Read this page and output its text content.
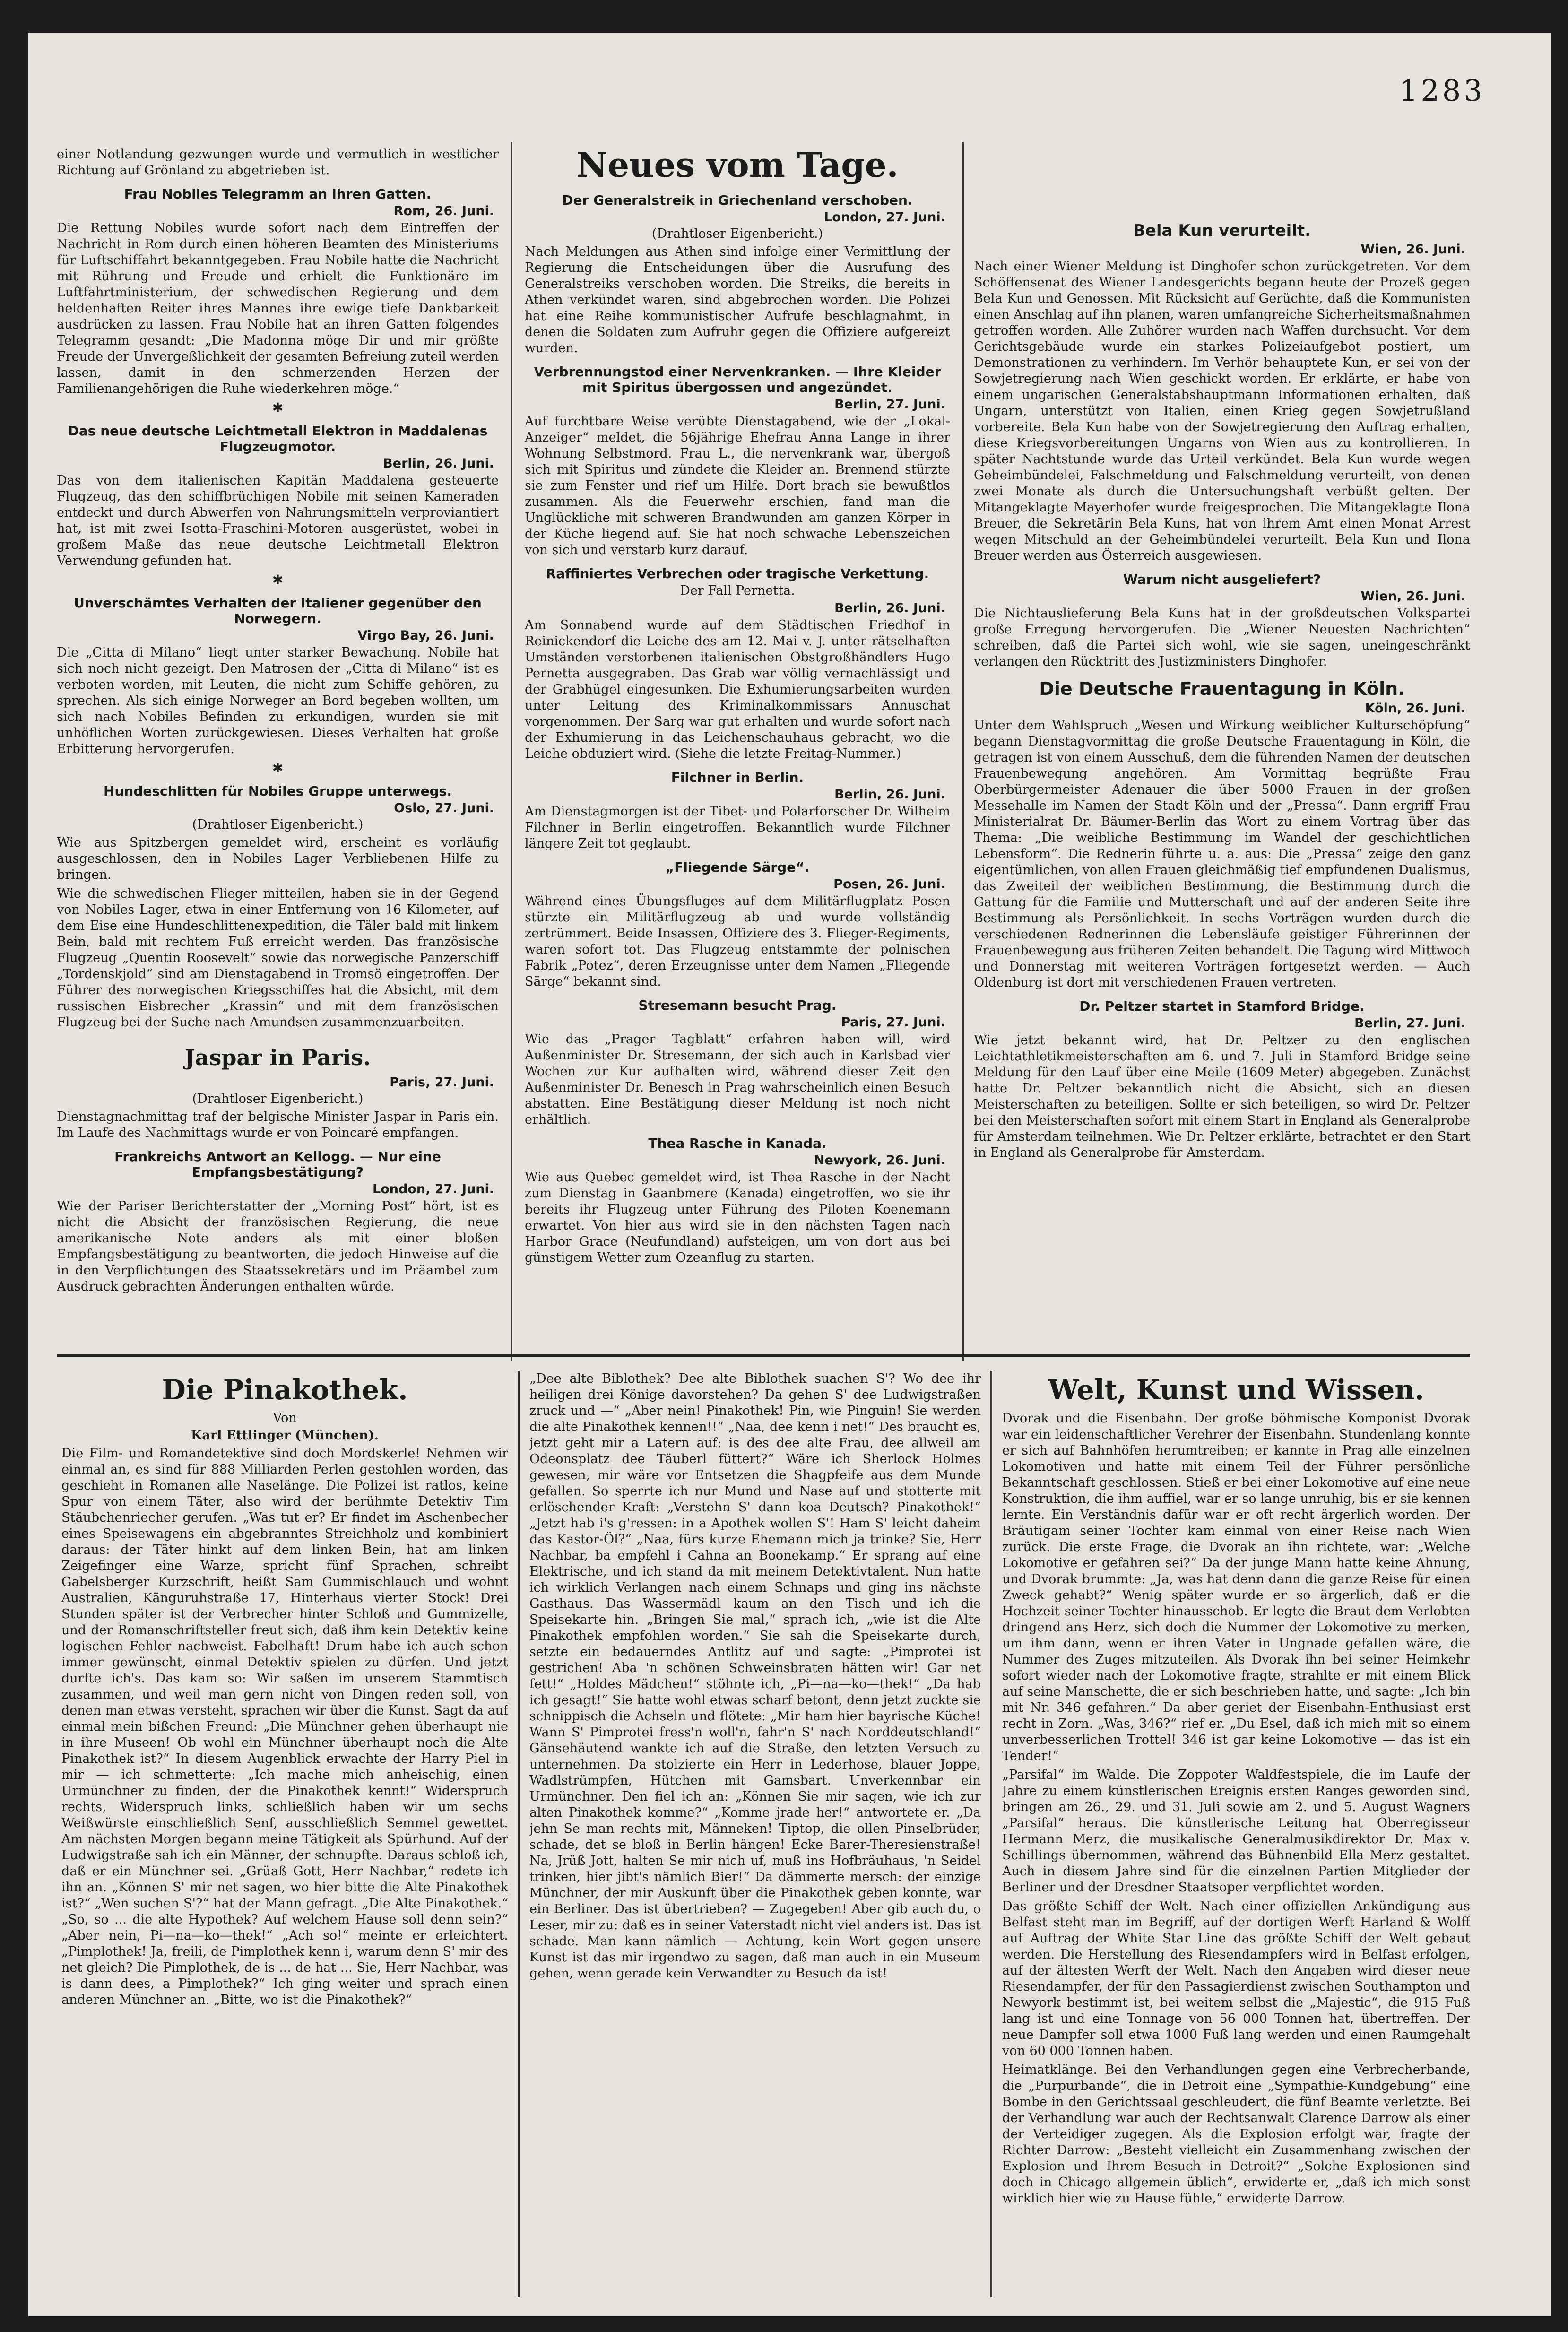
1283

einer Notlandung gezwungen wurde und vermutlich in westlicher Richtung auf Grönland zu abgetrieben ist.

Frau Nobiles Telegramm an ihren Gatten.
Rom, 26. Juni.

Die Rettung Nobiles wurde sofort nach dem Eintreffen der Nachricht in Rom durch einen höheren Beamten des Ministeriums für Luftschiffahrt bekanntgegeben. Frau Nobile hatte die Nachricht mit Rührung und Freude und erhielt die Funktionäre im Luftfahrtministerium, der schwedischen Regierung und dem heldenhaften Reiter ihres Mannes ihre ewige tiefe Dankbarkeit ausdrücken zu lassen. Frau Nobile hat an ihren Gatten folgendes Telegramm gesandt: „Die Madonna möge Dir und mir größte Freude der Unvergeßlichkeit der gesamten Befreiung zuteil werden lassen, damit in den schmerzenden Herzen der Familienangehörigen die Ruhe wiederkehren möge.“

✱
Das neue deutsche Leichtmetall Elektron in Maddalenas Flugzeugmotor.
Berlin, 26. Juni.

Das von dem italienischen Kapitän Maddalena gesteuerte Flugzeug, das den schiffbrüchigen Nobile mit seinen Kameraden entdeckt und durch Abwerfen von Nahrungsmitteln verproviantiert hat, ist mit zwei Isotta-Fraschini-Motoren ausgerüstet, wobei in großem Maße das neue deutsche Leichtmetall Elektron Verwendung gefunden hat.

✱
Unverschämtes Verhalten der Italiener gegenüber den Norwegern.
Virgo Bay, 26. Juni.

Die „Citta di Milano“ liegt unter starker Bewachung. Nobile hat sich noch nicht gezeigt. Den Matrosen der „Citta di Milano“ ist es verboten worden, mit Leuten, die nicht zum Schiffe gehören, zu sprechen. Als sich einige Norweger an Bord begeben wollten, um sich nach Nobiles Befinden zu erkundigen, wurden sie mit unhöflichen Worten zurückgewiesen. Dieses Verhalten hat große Erbitterung hervorgerufen.

✱
Hundeschlitten für Nobiles Gruppe unterwegs.
Oslo, 27. Juni.
(Drahtloser Eigenbericht.)

Wie aus Spitzbergen gemeldet wird, erscheint es vorläufig ausgeschlossen, den in Nobiles Lager Verbliebenen Hilfe zu bringen.

Wie die schwedischen Flieger mitteilen, haben sie in der Gegend von Nobiles Lager, etwa in einer Entfernung von 16 Kilometer, auf dem Eise eine Hundeschlittenexpedition, die Täler bald mit linkem Bein, bald mit rechtem Fuß erreicht werden. Das französische Flugzeug „Quentin Roosevelt“ sowie das norwegische Panzerschiff „Tordenskjold“ sind am Dienstagabend in Tromsö eingetroffen. Der Führer des norwegischen Kriegsschiffes hat die Absicht, mit dem russischen Eisbrecher „Krassin“ und mit dem französischen Flugzeug bei der Suche nach Amundsen zusammenzuarbeiten.

Jaspar in Paris.
Paris, 27. Juni.
(Drahtloser Eigenbericht.)

Dienstagnachmittag traf der belgische Minister Jaspar in Paris ein. Im Laufe des Nachmittags wurde er von Poincaré empfangen.

Frankreichs Antwort an Kellogg. — Nur eine Empfangsbestätigung?
London, 27. Juni.

Wie der Pariser Berichterstatter der „Morning Post“ hört, ist es nicht die Absicht der französischen Regierung, die neue amerikanische Note anders als mit einer bloßen Empfangsbestätigung zu beantworten, die jedoch Hinweise auf die in den Verpflichtungen des Staatssekretärs und im Präambel zum Ausdruck gebrachten Änderungen enthalten würde.

Neues vom Tage.
Der Generalstreik in Griechenland verschoben.
London, 27. Juni.
(Drahtloser Eigenbericht.)

Nach Meldungen aus Athen sind infolge einer Vermittlung der Regierung die Entscheidungen über die Ausrufung des Generalstreiks verschoben worden. Die Streiks, die bereits in Athen verkündet waren, sind abgebrochen worden. Die Polizei hat eine Reihe kommunistischer Aufrufe beschlagnahmt, in denen die Soldaten zum Aufruhr gegen die Offiziere aufgereizt wurden.

Verbrennungstod einer Nervenkranken. — Ihre Kleider mit Spiritus übergossen und angezündet.
Berlin, 27. Juni.

Auf furchtbare Weise verübte Dienstagabend, wie der „Lokal-Anzeiger“ meldet, die 56jährige Ehefrau Anna Lange in ihrer Wohnung Selbstmord. Frau L., die nervenkrank war, übergoß sich mit Spiritus und zündete die Kleider an. Brennend stürzte sie zum Fenster und rief um Hilfe. Dort brach sie bewußtlos zusammen. Als die Feuerwehr erschien, fand man die Unglückliche mit schweren Brandwunden am ganzen Körper in der Küche liegend auf. Sie hat noch schwache Lebenszeichen von sich und verstarb kurz darauf.

Raffiniertes Verbrechen oder tragische Verkettung.
Der Fall Pernetta.
Berlin, 26. Juni.

Am Sonnabend wurde auf dem Städtischen Friedhof in Reinickendorf die Leiche des am 12. Mai v. J. unter rätselhaften Umständen verstorbenen italienischen Obstgroßhändlers Hugo Pernetta ausgegraben. Das Grab war völlig vernachlässigt und der Grabhügel eingesunken. Die Exhumierungsarbeiten wurden unter Leitung des Kriminalkommissars Annuschat vorgenommen. Der Sarg war gut erhalten und wurde sofort nach der Exhumierung in das Leichenschauhaus gebracht, wo die Leiche obduziert wird. (Siehe die letzte Freitag-Nummer.)

Filchner in Berlin.
Berlin, 26. Juni.

Am Dienstagmorgen ist der Tibet- und Polarforscher Dr. Wilhelm Filchner in Berlin eingetroffen. Bekanntlich wurde Filchner längere Zeit tot geglaubt.

„Fliegende Särge“.
Posen, 26. Juni.

Während eines Übungsfluges auf dem Militärflugplatz Posen stürzte ein Militärflugzeug ab und wurde vollständig zertrümmert. Beide Insassen, Offiziere des 3. Flieger-Regiments, waren sofort tot. Das Flugzeug entstammte der polnischen Fabrik „Potez“, deren Erzeugnisse unter dem Namen „Fliegende Särge“ bekannt sind.

Stresemann besucht Prag.
Paris, 27. Juni.

Wie das „Prager Tagblatt“ erfahren haben will, wird Außenminister Dr. Stresemann, der sich auch in Karlsbad vier Wochen zur Kur aufhalten wird, während dieser Zeit den Außenminister Dr. Benesch in Prag wahrscheinlich einen Besuch abstatten. Eine Bestätigung dieser Meldung ist noch nicht erhältlich.

Thea Rasche in Kanada.
Newyork, 26. Juni.

Wie aus Quebec gemeldet wird, ist Thea Rasche in der Nacht zum Dienstag in Gaanbmere (Kanada) eingetroffen, wo sie ihr bereits ihr Flugzeug unter Führung des Piloten Koenemann erwartet. Von hier aus wird sie in den nächsten Tagen nach Harbor Grace (Neufundland) aufsteigen, um von dort aus bei günstigem Wetter zum Ozeanflug zu starten.

Bela Kun verurteilt.
Wien, 26. Juni.

Nach einer Wiener Meldung ist Dinghofer schon zurückgetreten. Vor dem Schöffensenat des Wiener Landesgerichts begann heute der Prozeß gegen Bela Kun und Genossen. Mit Rücksicht auf Gerüchte, daß die Kommunisten einen Anschlag auf ihn planen, waren umfangreiche Sicherheitsmaßnahmen getroffen worden. Alle Zuhörer wurden nach Waffen durchsucht. Vor dem Gerichtsgebäude wurde ein starkes Polizeiaufgebot postiert, um Demonstrationen zu verhindern. Im Verhör behauptete Kun, er sei von der Sowjetregierung nach Wien geschickt worden. Er erklärte, er habe von einem ungarischen Generalstabshauptmann Informationen erhalten, daß Ungarn, unterstützt von Italien, einen Krieg gegen Sowjetrußland vorbereite. Bela Kun habe von der Sowjetregierung den Auftrag erhalten, diese Kriegsvorbereitungen Ungarns von Wien aus zu kontrollieren. In später Nachtstunde wurde das Urteil verkündet. Bela Kun wurde wegen Geheimbündelei, Falschmeldung und Falschmeldung verurteilt, von denen zwei Monate als durch die Untersuchungshaft verbüßt gelten. Der Mitangeklagte Mayerhofer wurde freigesprochen. Die Mitangeklagte Ilona Breuer, die Sekretärin Bela Kuns, hat von ihrem Amt einen Monat Arrest wegen Mitschuld an der Geheimbündelei verurteilt. Bela Kun und Ilona Breuer werden aus Österreich ausgewiesen.

Warum nicht ausgeliefert?
Wien, 26. Juni.

Die Nichtauslieferung Bela Kuns hat in der großdeutschen Volkspartei große Erregung hervorgerufen. Die „Wiener Neuesten Nachrichten“ schreiben, daß die Partei sich wohl, wie sie sagen, uneingeschränkt verlangen den Rücktritt des Justizministers Dinghofer.

Die Deutsche Frauentagung in Köln.
Köln, 26. Juni.

Unter dem Wahlspruch „Wesen und Wirkung weiblicher Kulturschöpfung“ begann Dienstagvormittag die große Deutsche Frauentagung in Köln, die getragen ist von einem Ausschuß, dem die führenden Namen der deutschen Frauenbewegung angehören. Am Vormittag begrüßte Frau Oberbürgermeister Adenauer die über 5000 Frauen in der großen Messehalle im Namen der Stadt Köln und der „Pressa“. Dann ergriff Frau Ministerialrat Dr. Bäumer-Berlin das Wort zu einem Vortrag über das Thema: „Die weibliche Bestimmung im Wandel der geschichtlichen Lebensform“. Die Rednerin führte u. a. aus: Die „Pressa“ zeige den ganz eigentümlichen, von allen Frauen gleichmäßig tief empfundenen Dualismus, das Zweiteil der weiblichen Bestimmung, die Bestimmung durch die Gattung für die Familie und Mutterschaft und auf der anderen Seite ihre Bestimmung als Persönlichkeit. In sechs Vorträgen wurden durch die verschiedenen Rednerinnen die Lebensläufe geistiger Führerinnen der Frauenbewegung aus früheren Zeiten behandelt. Die Tagung wird Mittwoch und Donnerstag mit weiteren Vorträgen fortgesetzt werden. — Auch Oldenburg ist dort mit verschiedenen Frauen vertreten.

Dr. Peltzer startet in Stamford Bridge.
Berlin, 27. Juni.

Wie jetzt bekannt wird, hat Dr. Peltzer zu den englischen Leichtathletikmeisterschaften am 6. und 7. Juli in Stamford Bridge seine Meldung für den Lauf über eine Meile (1609 Meter) abgegeben. Zunächst hatte Dr. Peltzer bekanntlich nicht die Absicht, sich an diesen Meisterschaften zu beteiligen. Sollte er sich beteiligen, so wird Dr. Peltzer bei den Meisterschaften sofort mit einem Start in England als Generalprobe für Amsterdam teilnehmen. Wie Dr. Peltzer erklärte, betrachtet er den Start in England als Generalprobe für Amsterdam.

Die Pinakothek.
Von
Karl Ettlinger (München).

Die Film- und Romandetektive sind doch Mordskerle! Nehmen wir einmal an, es sind für 888 Milliarden Perlen gestohlen worden, das geschieht in Romanen alle Naselänge. Die Polizei ist ratlos, keine Spur von einem Täter, also wird der berühmte Detektiv Tim Stäubchenriecher gerufen. „Was tut er? Er findet im Aschenbecher eines Speisewagens ein abgebranntes Streichholz und kombiniert daraus: der Täter hinkt auf dem linken Bein, hat am linken Zeigefinger eine Warze, spricht fünf Sprachen, schreibt Gabelsberger Kurzschrift, heißt Sam Gummischlauch und wohnt Australien, Känguruhstraße 17, Hinterhaus vierter Stock! Drei Stunden später ist der Verbrecher hinter Schloß und Gummizelle, und der Romanschriftsteller freut sich, daß ihm kein Detektiv keine logischen Fehler nachweist. Fabelhaft! Drum habe ich auch schon immer gewünscht, einmal Detektiv spielen zu dürfen. Und jetzt durfte ich's. Das kam so: Wir saßen im unserem Stammtisch zusammen, und weil man gern nicht von Dingen reden soll, von denen man etwas versteht, sprachen wir über die Kunst. Sagt da auf einmal mein bißchen Freund: „Die Münchner gehen überhaupt nie in ihre Museen! Ob wohl ein Münchner überhaupt noch die Alte Pinakothek ist?“ In diesem Augenblick erwachte der Harry Piel in mir — ich schmetterte: „Ich mache mich anheischig, einen Urmünchner zu finden, der die Pinakothek kennt!“ Widerspruch rechts, Widerspruch links, schließlich haben wir um sechs Weißwürste einschließlich Senf, ausschließlich Semmel gewettet. Am nächsten Morgen begann meine Tätigkeit als Spürhund. Auf der Ludwigstraße sah ich ein Männer, der schnupfte. Daraus schloß ich, daß er ein Münchner sei. „Grüaß Gott, Herr Nachbar,“ redete ich ihn an. „Können S' mir net sagen, wo hier bitte die Alte Pinakothek ist?“ „Wen suchen S'?“ hat der Mann gefragt. „Die Alte Pinakothek.“ „So, so ... die alte Hypothek? Auf welchem Hause soll denn sein?“ „Aber nein, Pi—na—ko—thek!“ „Ach so!“ meinte er erleichtert. „Pimplothek! Ja, freili, de Pimplothek kenn i, warum denn S' mir des net gleich? Die Pimplothek, de is ... de hat ... Sie, Herr Nachbar, was is dann dees, a Pimplothek?“ Ich ging weiter und sprach einen anderen Münchner an. „Bitte, wo ist die Pinakothek?“

„Dee alte Biblothek? Dee alte Biblothek suachen S'? Wo dee ihr heiligen drei Könige davorstehen? Da gehen S' dee Ludwigstraßen zruck und —“ „Aber nein! Pinakothek! Pin, wie Pinguin! Sie werden die alte Pinakothek kennen!!“ „Naa, dee kenn i net!“ Des braucht es, jetzt geht mir a Latern auf: is des dee alte Frau, dee allweil am Odeonsplatz dee Täuberl füttert?“ Wäre ich Sherlock Holmes gewesen, mir wäre vor Entsetzen die Shagpfeife aus dem Munde gefallen. So sperrte ich nur Mund und Nase auf und stotterte mit erlöschender Kraft: „Verstehn S' dann koa Deutsch? Pinakothek!“ „Jetzt hab i's g'ressen: in a Apothek wollen S'! Ham S' leicht daheim das Kastor-Öl?“ „Naa, fürs kurze Ehemann mich ja trinke? Sie, Herr Nachbar, ba empfehl i Cahna an Boonekamp.“ Er sprang auf eine Elektrische, und ich stand da mit meinem Detektivtalent. Nun hatte ich wirklich Verlangen nach einem Schnaps und ging ins nächste Gasthaus. Das Wassermädl kaum an den Tisch und ich die Speisekarte hin. „Bringen Sie mal,“ sprach ich, „wie ist die Alte Pinakothek empfohlen worden.“ Sie sah die Speisekarte durch, setzte ein bedauerndes Antlitz auf und sagte: „Pimprotei ist gestrichen! Aba 'n schönen Schweinsbraten hätten wir! Gar net fett!“ „Holdes Mädchen!“ stöhnte ich, „Pi—na—ko—thek!“ „Da hab ich gesagt!“ Sie hatte wohl etwas scharf betont, denn jetzt zuckte sie schnippisch die Achseln und flötete: „Mir ham hier bayrische Küche! Wann S' Pimprotei fress'n woll'n, fahr'n S' nach Norddeutschland!“ Gänsehäutend wankte ich auf die Straße, den letzten Versuch zu unternehmen. Da stolzierte ein Herr in Lederhose, blauer Joppe, Wadlstrümpfen, Hütchen mit Gamsbart. Unverkennbar ein Urmünchner. Den fiel ich an: „Können Sie mir sagen, wie ich zur alten Pinakothek komme?“ „Komme jrade her!“ antwortete er. „Da jehn Se man rechts mit, Männeken! Tiptop, die ollen Pinselbrüder, schade, det se bloß in Berlin hängen! Ecke Barer-Theresienstraße! Na, Jrüß Jott, halten Se mir nich uf, muß ins Hofbräuhaus, 'n Seidel trinken, hier jibt's nämlich Bier!“ Da dämmerte mersch: der einzige Münchner, der mir Auskunft über die Pinakothek geben konnte, war ein Berliner. Das ist übertrieben? — Zugegeben! Aber gib auch du, o Leser, mir zu: daß es in seiner Vaterstadt nicht viel anders ist. Das ist schade. Man kann nämlich — Achtung, kein Wort gegen unsere Kunst ist das mir irgendwo zu sagen, daß man auch in ein Museum gehen, wenn gerade kein Verwandter zu Besuch da ist!

Welt, Kunst und Wissen.

Dvorak und die Eisenbahn. Der große böhmische Komponist Dvorak war ein leidenschaftlicher Verehrer der Eisenbahn. Stundenlang konnte er sich auf Bahnhöfen herumtreiben; er kannte in Prag alle einzelnen Lokomotiven und hatte mit einem Teil der Führer persönliche Bekanntschaft geschlossen. Stieß er bei einer Lokomotive auf eine neue Konstruktion, die ihm auffiel, war er so lange unruhig, bis er sie kennen lernte. Ein Verständnis dafür war er oft recht ärgerlich worden. Der Bräutigam seiner Tochter kam einmal von einer Reise nach Wien zurück. Die erste Frage, die Dvorak an ihn richtete, war: „Welche Lokomotive er gefahren sei?“ Da der junge Mann hatte keine Ahnung, und Dvorak brummte: „Ja, was hat denn dann die ganze Reise für einen Zweck gehabt?“ Wenig später wurde er so ärgerlich, daß er die Hochzeit seiner Tochter hinausschob. Er legte die Braut dem Verlobten dringend ans Herz, sich doch die Nummer der Lokomotive zu merken, um ihm dann, wenn er ihren Vater in Ungnade gefallen wäre, die Nummer des Zuges mitzuteilen. Als Dvorak ihn bei seiner Heimkehr sofort wieder nach der Lokomotive fragte, strahlte er mit einem Blick auf seine Manschette, die er sich beschrieben hatte, und sagte: „Ich bin mit Nr. 346 gefahren.“ Da aber geriet der Eisenbahn-Enthusiast erst recht in Zorn. „Was, 346?“ rief er. „Du Esel, daß ich mich mit so einem unverbesserlichen Trottel! 346 ist gar keine Lokomotive — das ist ein Tender!“

„Parsifal“ im Walde. Die Zoppoter Waldfestspiele, die im Laufe der Jahre zu einem künstlerischen Ereignis ersten Ranges geworden sind, bringen am 26., 29. und 31. Juli sowie am 2. und 5. August Wagners „Parsifal“ heraus. Die künstlerische Leitung hat Oberregisseur Hermann Merz, die musikalische Generalmusikdirektor Dr. Max v. Schillings übernommen, während das Bühnenbild Ella Merz gestaltet. Auch in diesem Jahre sind für die einzelnen Partien Mitglieder der Berliner und der Dresdner Staatsoper verpflichtet worden.

Das größte Schiff der Welt. Nach einer offiziellen Ankündigung aus Belfast steht man im Begriff, auf der dortigen Werft Harland & Wolff auf Auftrag der White Star Line das größte Schiff der Welt gebaut werden. Die Herstellung des Riesendampfers wird in Belfast erfolgen, auf der ältesten Werft der Welt. Nach den Angaben wird dieser neue Riesendampfer, der für den Passagierdienst zwischen Southampton und Newyork bestimmt ist, bei weitem selbst die „Majestic“, die 915 Fuß lang ist und eine Tonnage von 56 000 Tonnen hat, übertreffen. Der neue Dampfer soll etwa 1000 Fuß lang werden und einen Raumgehalt von 60 000 Tonnen haben.

Heimatklänge. Bei den Verhandlungen gegen eine Verbrecherbande, die „Purpurbande“, die in Detroit eine „Sympathie-Kundgebung“ eine Bombe in den Gerichtssaal geschleudert, die fünf Beamte verletzte. Bei der Verhandlung war auch der Rechtsanwalt Clarence Darrow als einer der Verteidiger zugegen. Als die Explosion erfolgt war, fragte der Richter Darrow: „Besteht vielleicht ein Zusammenhang zwischen der Explosion und Ihrem Besuch in Detroit?“ „Solche Explosionen sind doch in Chicago allgemein üblich“, erwiderte er, „daß ich mich sonst wirklich hier wie zu Hause fühle,“ erwiderte Darrow.
